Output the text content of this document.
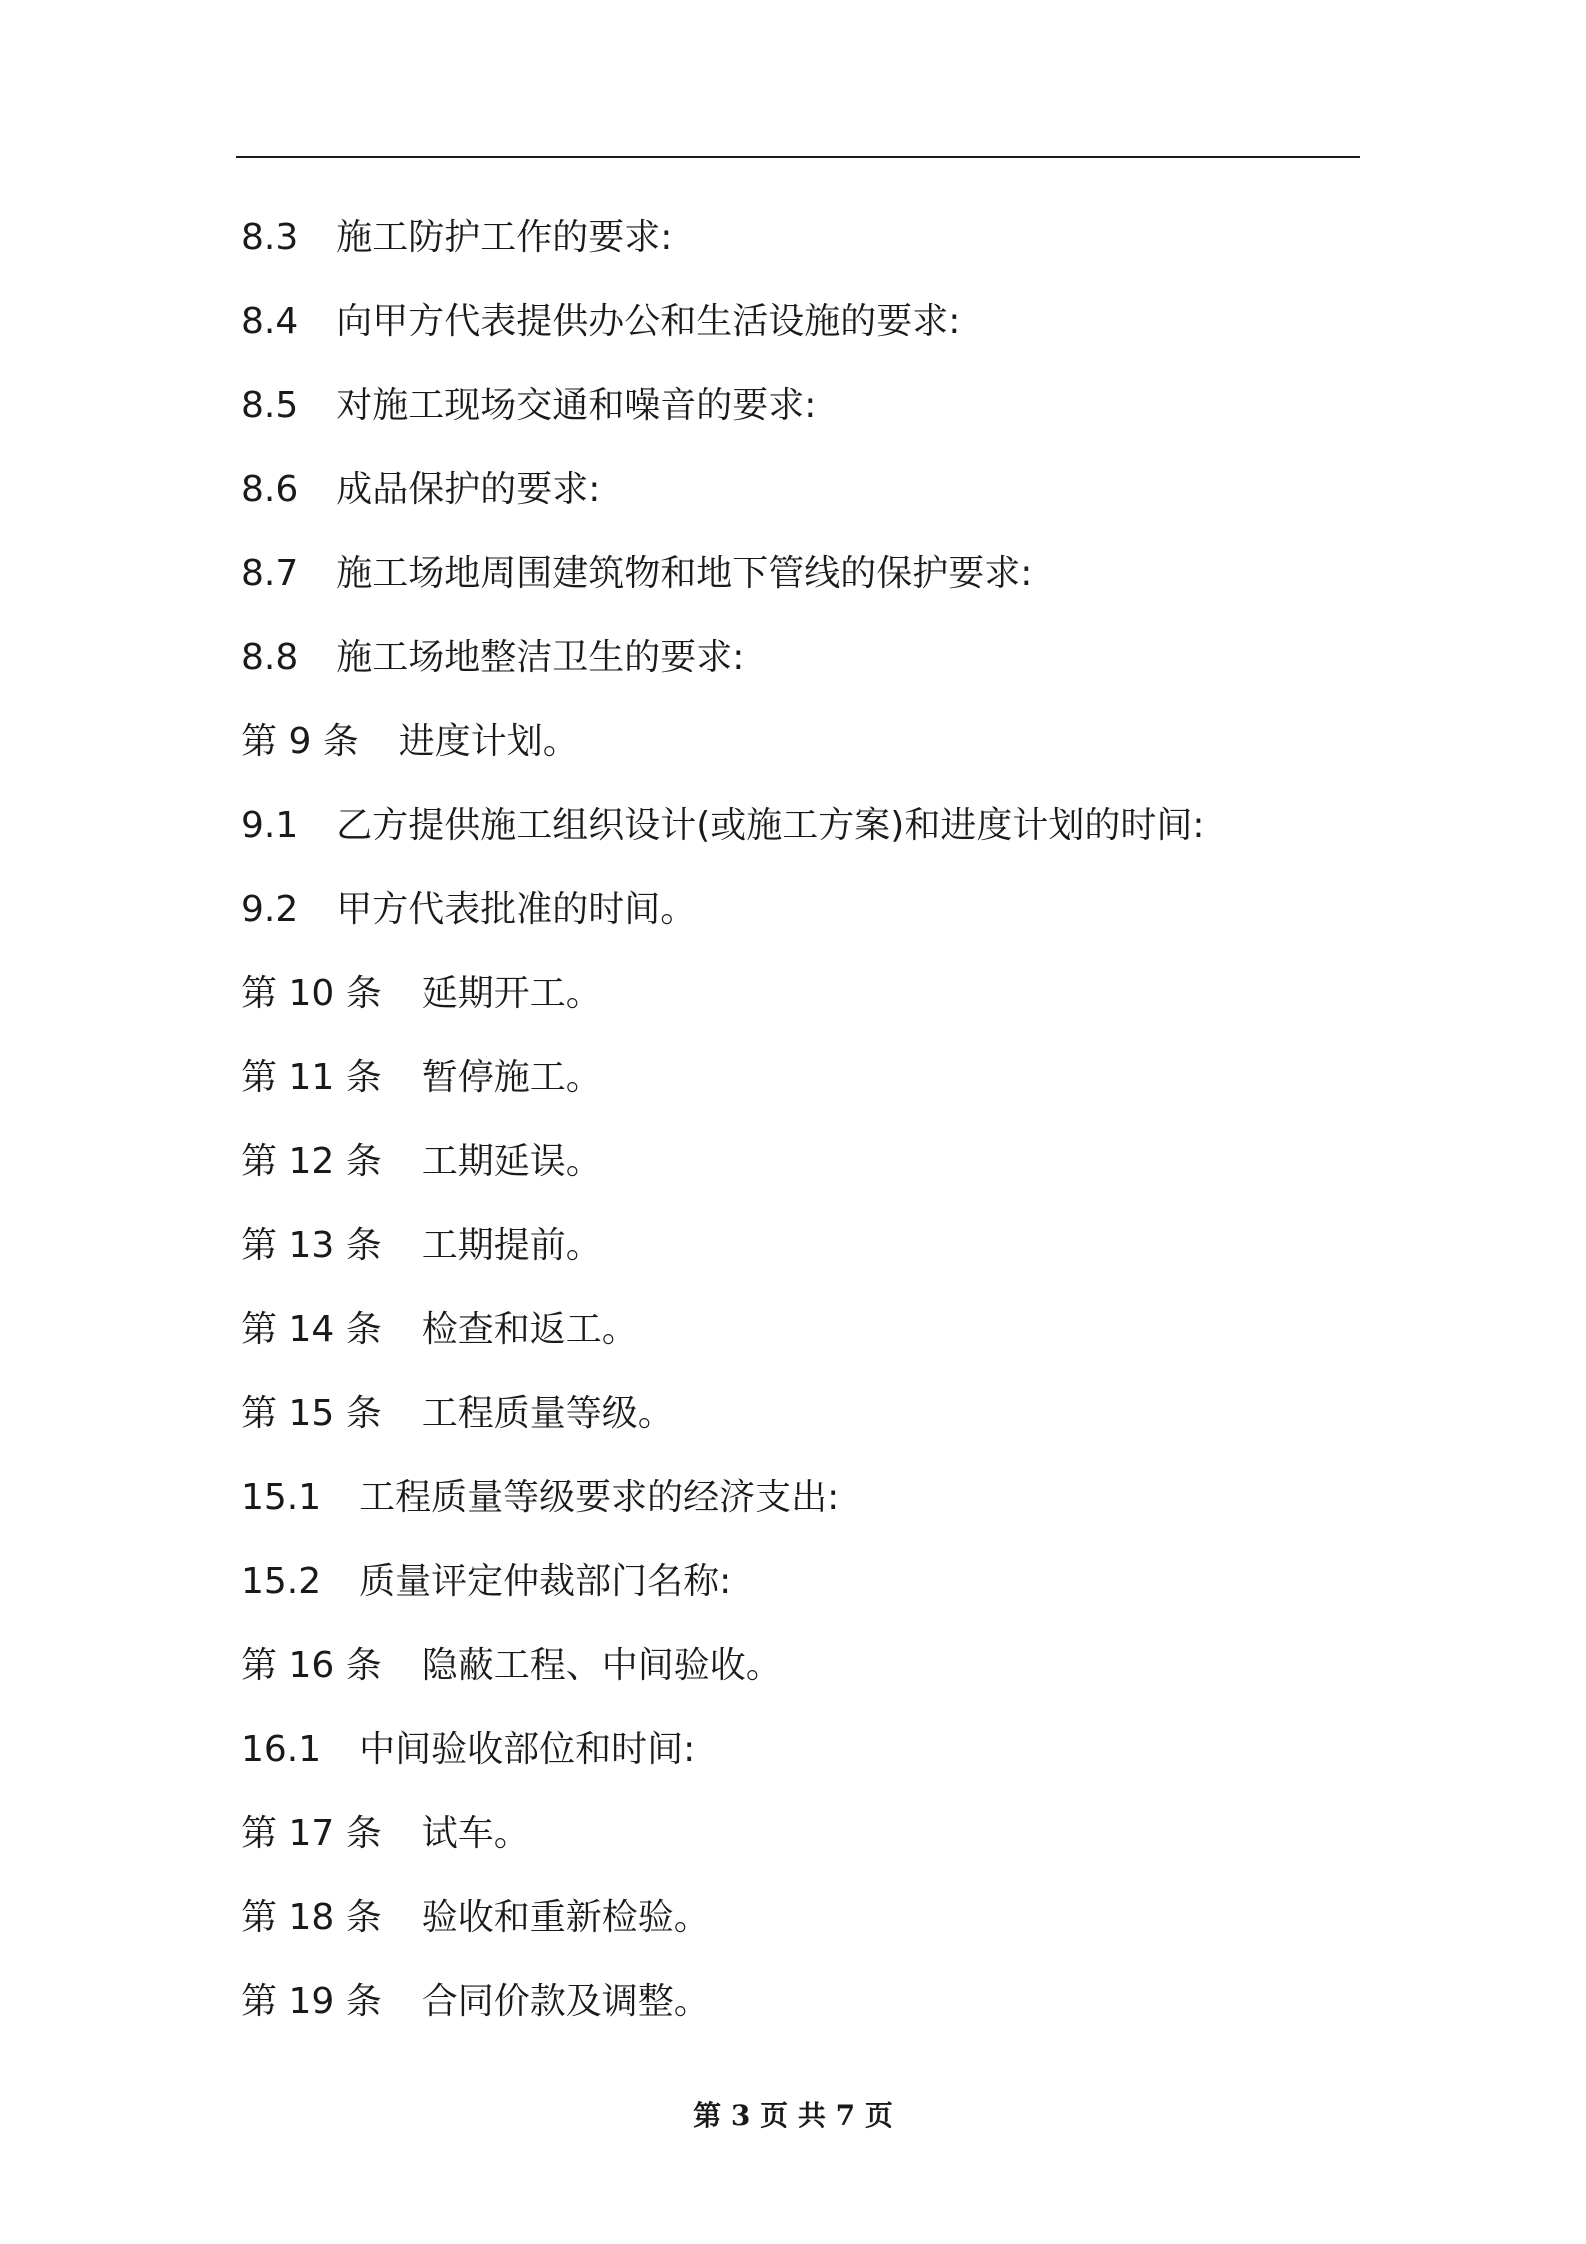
8.3 施工防护工作的要求:
8.4 向甲方代表提供办公和生活设施的要求:
8.5 对施工现场交通和噪音的要求:
8.6 成品保护的要求:
8.7 施工场地周围建筑物和地下管线的保护要求:
8.8 施工场地整洁卫生的要求:
第 9 条 进度计划。
9.1 乙方提供施工组织设计(或施工方案)和进度计划的时间:
9.2 甲方代表批准的时间。
第 10 条 延期开工。
第 11 条 暂停施工。
第 12 条 工期延误。
第 13 条 工期提前。
第 14 条 检查和返工。
第 15 条 工程质量等级。
15.1 工程质量等级要求的经济支出:
15.2 质量评定仲裁部门名称:
第 16 条 隐蔽工程、中间验收。
16.1 中间验收部位和时间:
第 17 条 试车。
第 18 条 验收和重新检验。
第 19 条 合同价款及调整。
第 3 页 共 7 页
